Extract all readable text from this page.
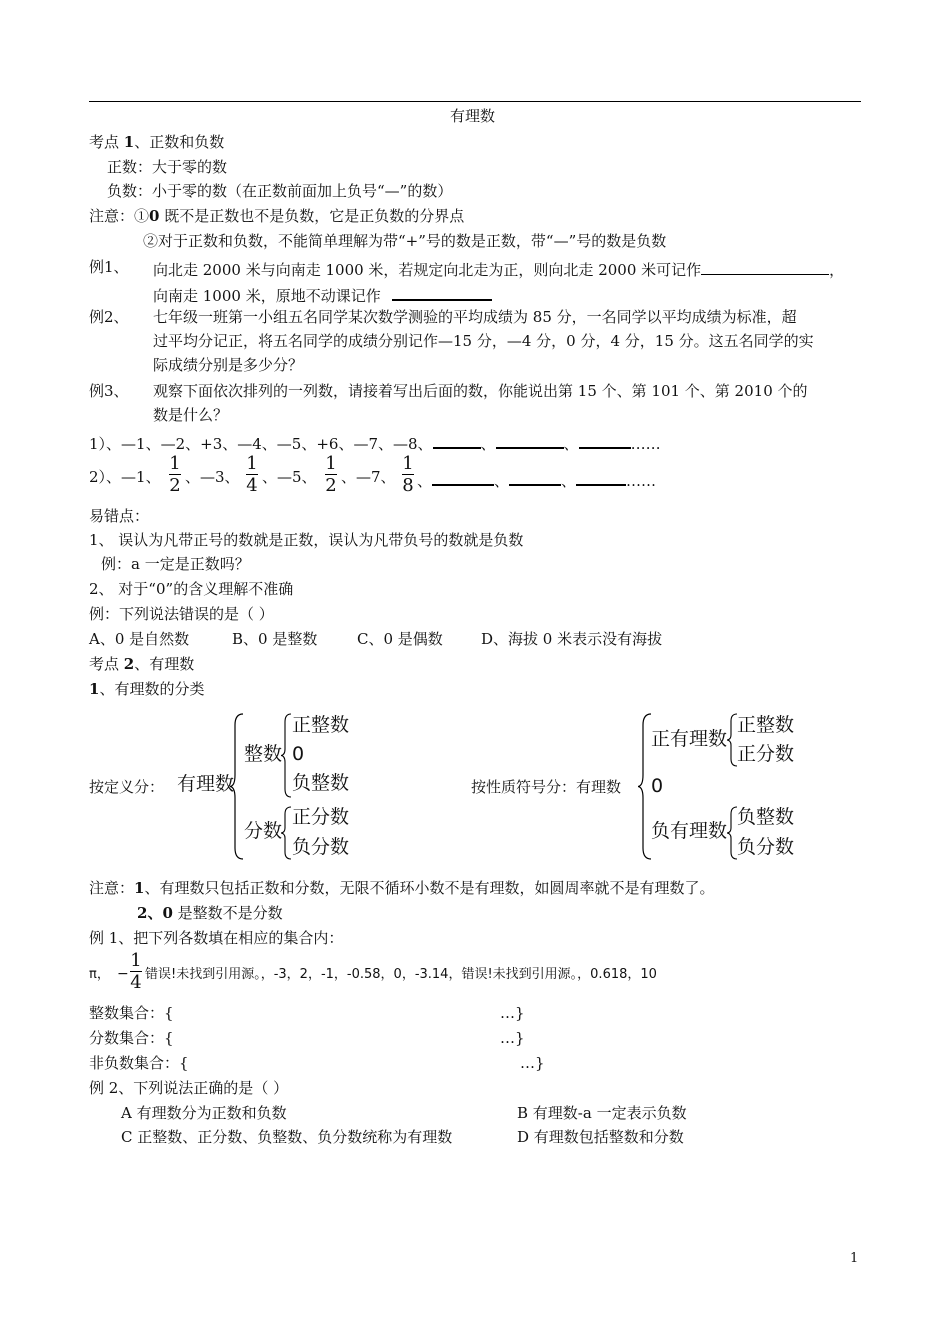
有理数
考点 1、正数和负数
正数：大于零的数
负数：小于零的数（在正数前面加上负号“—”的数）
注意：①0 既不是正数也不是负数，它是正负数的分界点
②对于正数和负数，不能简单理解为带“+”号的数是正数，带“—”号的数是负数
例1、 向北走 2000 米与向南走 1000 米，若规定向北走为正，则向北走 2000 米可记作	，
向南走 1000 米，原地不动课记作
例2、 七年级一班第一小组五名同学某次数学测验的平均成绩为 85 分，一名同学以平均成绩为标准，超
过平均分记正，将五名同学的成绩分别记作—15 分，—4 分，0 分，4 分，15 分。这五名同学的实
际成绩分别是多少分？
例3、 观察下面依次排列的一列数，请接着写出后面的数，你能说出第 15 个、第 101 个、第 2010 个的
数是什么？
1）、—1、—2、+3、—4、—5、+6、—7、—8、	、	、	……
2）、—1、
1
2 、—3、
1
4 、—5、
1
2 、—7、
1
8 、	、	、	……
易错点：
1、 误认为凡带正号的数就是正数，误认为凡带负号的数就是负数
例：a 一定是正数吗？
2、 对于“0”的含义理解不准确
例：下列说法错误的是（ ）
A、0 是自然数	B、0 是整数	C、0 是偶数	D、海拔 0 米表示没有海拔
考点 2、有理数
1、有理数的分类
按定义分： 有理数
整数
正整数
0
负整数
分数
正分数
负分数
按性质符号分：有理数
正有理数
正整数
正分数
0
负有理数
负整数
负分数
注意：1、有理数只包括正数和分数，无限不循环小数不是有理数，如圆周率就不是有理数了。
2、0 是整数不是分数
例 1、把下列各数填在相应的集合内：
π， −
1
4 错误!未找到引用源。，-3，2，-1，-0.58，0，-3.14，错误!未找到引用源。，0.618，10
整数集合：{	…}
分数集合：{	…}
非负数集合：{	…}
例 2、下列说法正确的是（ ）
A 有理数分为正数和负数	B 有理数-a 一定表示负数
C 正整数、正分数、负整数、负分数统称为有理数	D 有理数包括整数和分数
1
